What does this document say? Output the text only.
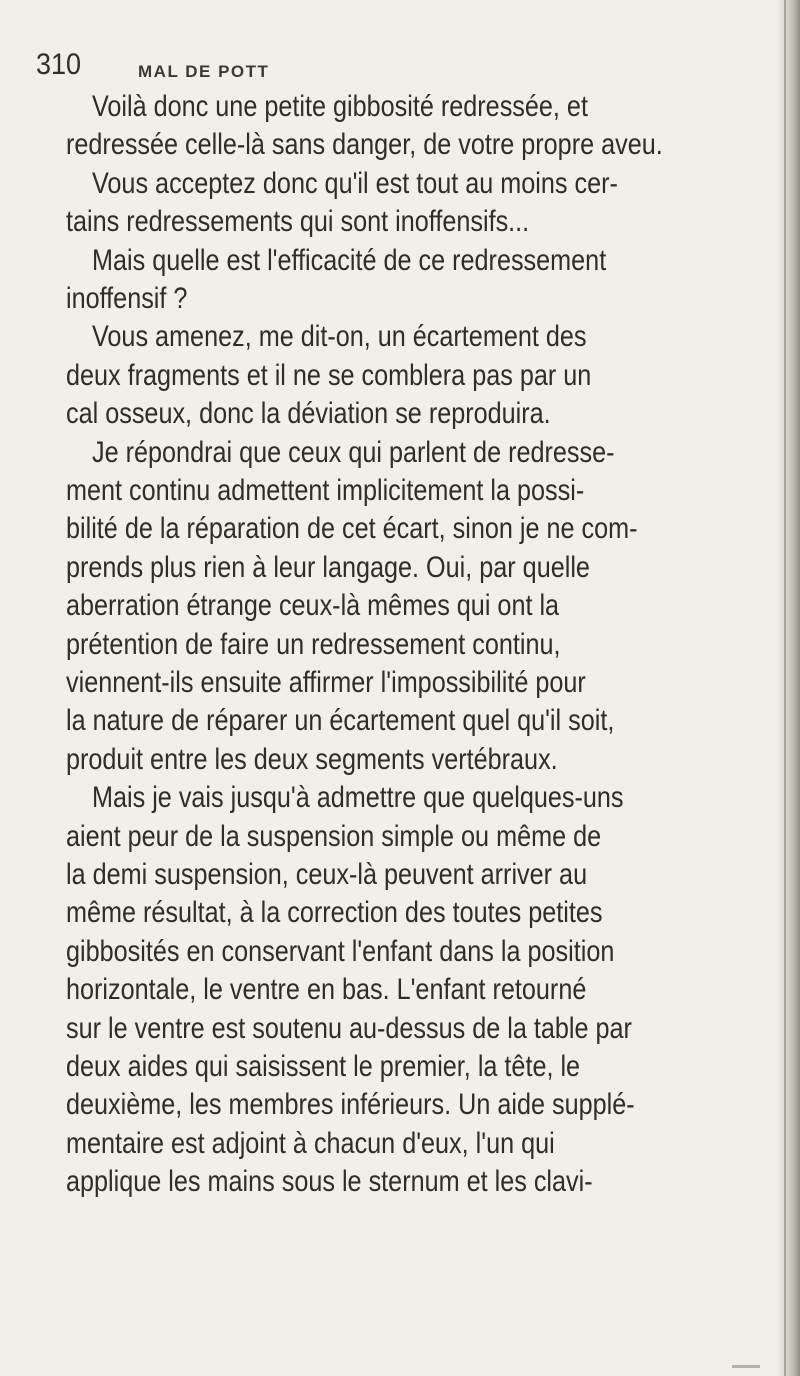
310	MAL DE POTT
Voilà donc une petite gibbosité redressée, et
redressée celle-là sans danger, de votre propre aveu.
Vous acceptez donc qu'il est tout au moins cer-
tains redressements qui sont inoffensifs...
Mais quelle est l'efficacité de ce redressement
inoffensif ?
Vous amenez, me dit-on, un écartement des
deux fragments et il ne se comblera pas par un
cal osseux, donc la déviation se reproduira.
Je répondrai que ceux qui parlent de redresse-
ment continu admettent implicitement la possi-
bilité de la réparation de cet écart, sinon je ne com-
prends plus rien à leur langage. Oui, par quelle
aberration étrange ceux-là mêmes qui ont la
prétention de faire un redressement continu,
viennent-ils ensuite affirmer l'impossibilité pour
la nature de réparer un écartement quel qu'il soit,
produit entre les deux segments vertébraux.
Mais je vais jusqu'à admettre que quelques-uns
aient peur de la suspension simple ou même de
la demi suspension, ceux-là peuvent arriver au
même résultat, à la correction des toutes petites
gibbosités en conservant l'enfant dans la position
horizontale, le ventre en bas. L'enfant retourné
sur le ventre est soutenu au-dessus de la table par
deux aides qui saisissent le premier, la tête, le
deuxième, les membres inférieurs. Un aide supplé-
mentaire est adjoint à chacun d'eux, l'un qui
applique les mains sous le sternum et les clavi-
